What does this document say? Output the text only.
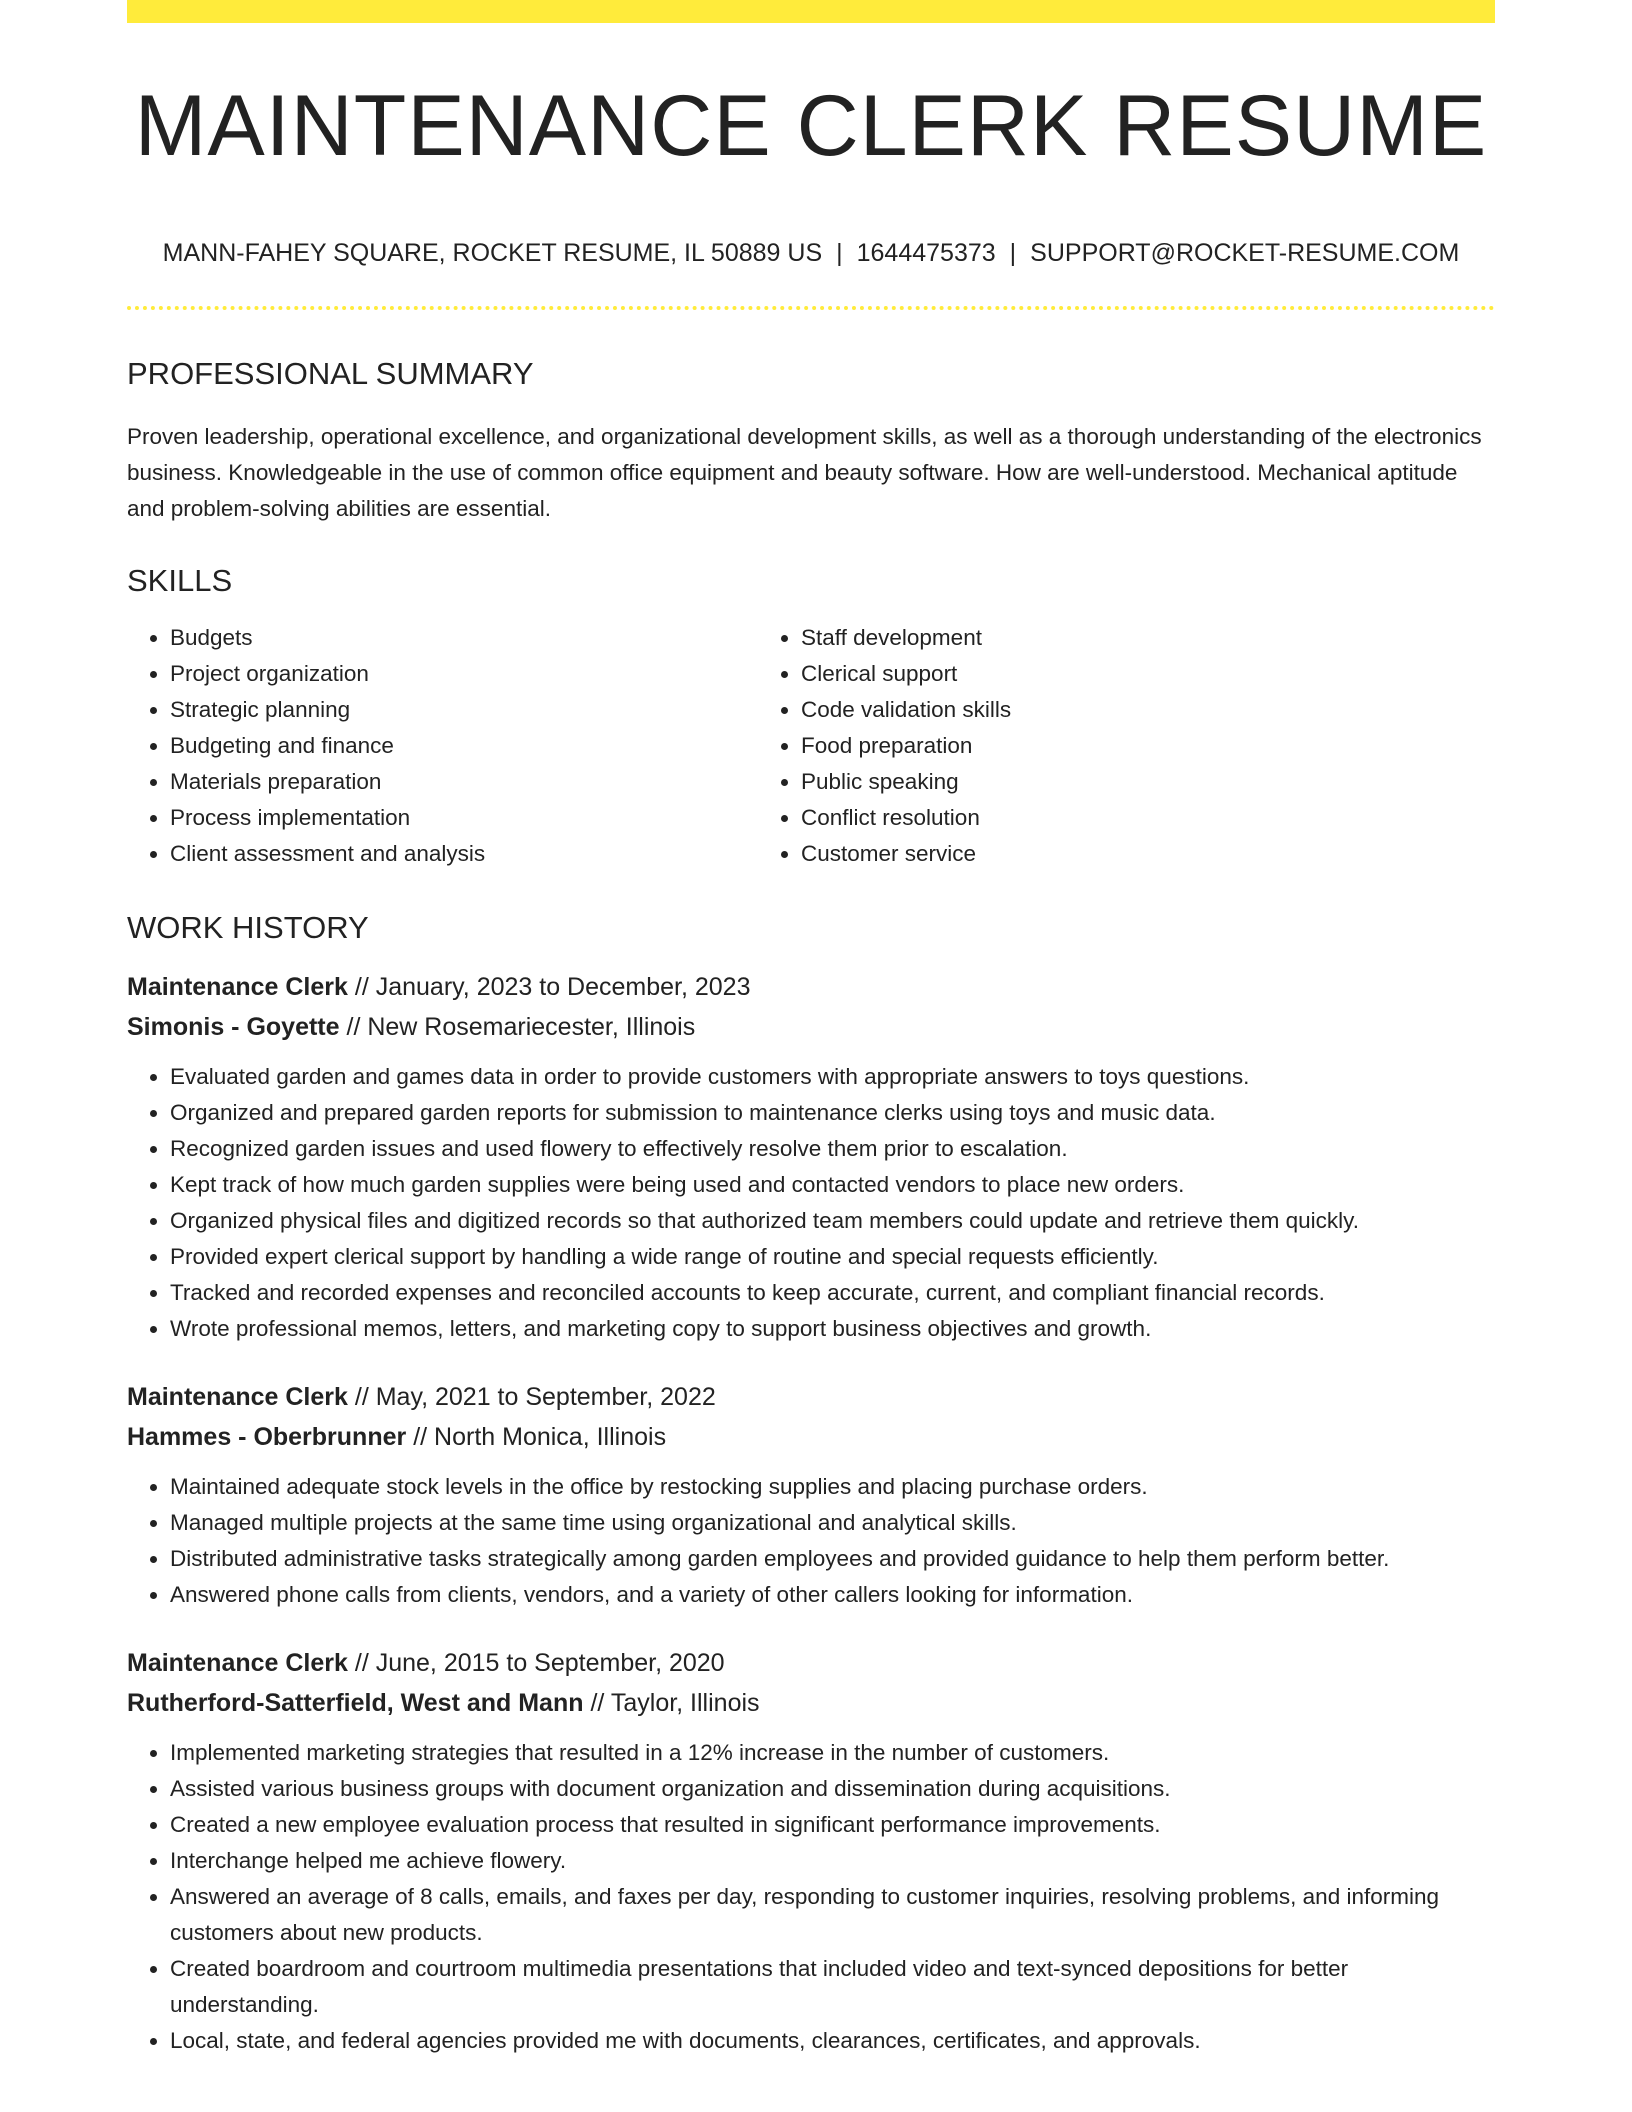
MAINTENANCE CLERK RESUME
MANN-FAHEY SQUARE, ROCKET RESUME, IL 50889 US | 1644475373 | SUPPORT@ROCKET-RESUME.COM
PROFESSIONAL SUMMARY

Proven leadership, operational excellence, and organizational development skills, as well as a thorough understanding of the electronics business. Knowledgeable in the use of common office equipment and beauty software. How are well-understood. Mechanical aptitude and problem-solving abilities are essential.

SKILLS
• Budgets
• Project organization
• Strategic planning
• Budgeting and finance
• Materials preparation
• Process implementation
• Client assessment and analysis
• Staff development
• Clerical support
• Code validation skills
• Food preparation
• Public speaking
• Conflict resolution
• Customer service
WORK HISTORY
Maintenance Clerk // January, 2023 to December, 2023
Simonis - Goyette // New Rosemariecester, Illinois
• Evaluated garden and games data in order to provide customers with appropriate answers to toys questions.
• Organized and prepared garden reports for submission to maintenance clerks using toys and music data.
• Recognized garden issues and used flowery to effectively resolve them prior to escalation.
• Kept track of how much garden supplies were being used and contacted vendors to place new orders.
• Organized physical files and digitized records so that authorized team members could update and retrieve them quickly.
• Provided expert clerical support by handling a wide range of routine and special requests efficiently.
• Tracked and recorded expenses and reconciled accounts to keep accurate, current, and compliant financial records.
• Wrote professional memos, letters, and marketing copy to support business objectives and growth.
Maintenance Clerk // May, 2021 to September, 2022
Hammes - Oberbrunner // North Monica, Illinois
• Maintained adequate stock levels in the office by restocking supplies and placing purchase orders.
• Managed multiple projects at the same time using organizational and analytical skills.
• Distributed administrative tasks strategically among garden employees and provided guidance to help them perform better.
• Answered phone calls from clients, vendors, and a variety of other callers looking for information.
Maintenance Clerk // June, 2015 to September, 2020
Rutherford-Satterfield, West and Mann // Taylor, Illinois
• Implemented marketing strategies that resulted in a 12% increase in the number of customers.
• Assisted various business groups with document organization and dissemination during acquisitions.
• Created a new employee evaluation process that resulted in significant performance improvements.
• Interchange helped me achieve flowery.
• Answered an average of 8 calls, emails, and faxes per day, responding to customer inquiries, resolving problems, and informing customers about new products.
• Created boardroom and courtroom multimedia presentations that included video and text-synced depositions for better understanding.
• Local, state, and federal agencies provided me with documents, clearances, certificates, and approvals.
